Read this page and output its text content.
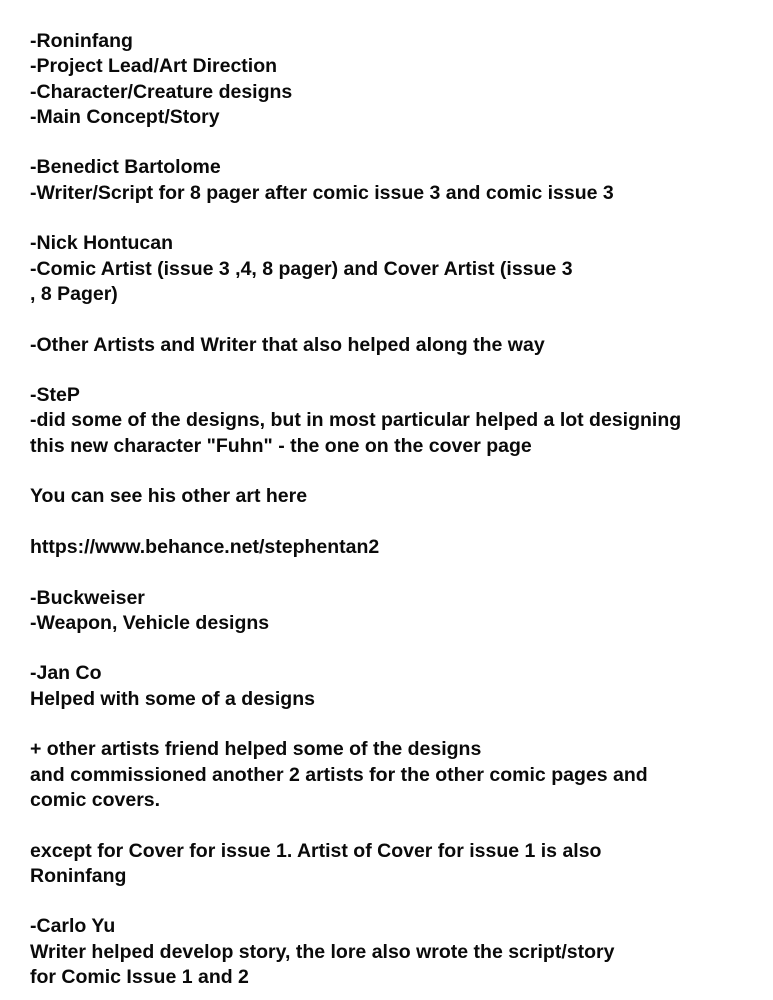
-Roninfang
-Project Lead/Art Direction
-Character/Creature designs
-Main Concept/Story
-Benedict Bartolome
-Writer/Script for 8 pager after comic issue 3 and comic issue 3
-Nick Hontucan
-Comic Artist (issue 3 ,4, 8 pager) and Cover Artist (issue 3
, 8 Pager)
-Other Artists and Writer that also helped along the way
-SteP
-did some of the designs, but in most particular helped a lot designing
this new character "Fuhn" - the one on the cover page
You can see his other art here
https://www.behance.net/stephentan2
-Buckweiser
-Weapon, Vehicle designs
-Jan Co
Helped with some of a designs
+ other artists friend helped some of the designs
and commissioned another 2 artists for the other comic pages and
comic covers.
except for Cover for issue 1. Artist of Cover for issue 1 is also
Roninfang
-Carlo Yu
Writer helped develop story, the lore also wrote the script/story
for Comic Issue 1 and 2
